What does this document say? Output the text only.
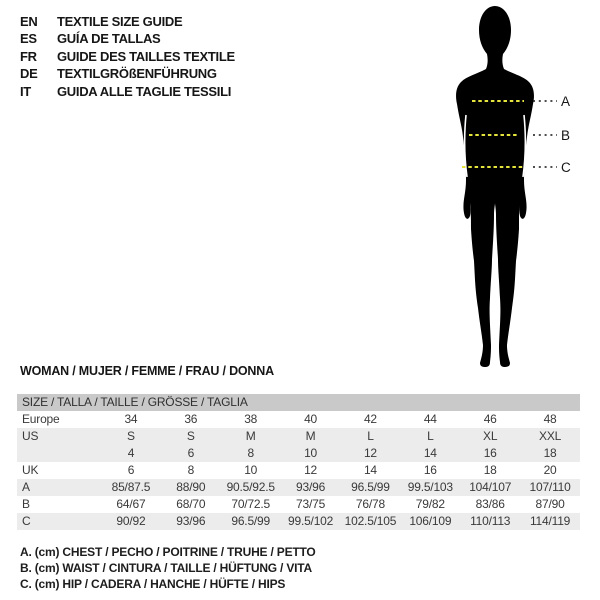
EN	TEXTILE SIZE GUIDE
ES	GUÍA DE TALLAS
FR	GUIDE DES TAILLES TEXTILE
DE	TEXTILGRÖßENFÜHRUNG
IT	GUIDA ALLE TAGLIE TESSILI
A
B
C
WOMAN / MUJER / FEMME / FRAU / DONNA
SIZE / TALLA / TAILLE / GRÖSSE / TAGLIA
Europe	34	36	38	40	42	44	46	48
US	S	S	M	M	L	L	XL	XXL
4	6	8	10	12	14	16	18
UK	6	8	10	12	14	16	18	20
A	85/87.5	88/90	90.5/92.5	93/96	96.5/99	99.5/103	104/107	107/110
B	64/67	68/70	70/72.5	73/75	76/78	79/82	83/86	87/90
C	90/92	93/96	96.5/99	99.5/102 102.5/105	106/109	110/113	114/119
A. (cm) CHEST / PECHO / POITRINE / TRUHE / PETTO
B. (cm) WAIST / CINTURA / TAILLE / HÜFTUNG / VITA
C. (cm) HIP / CADERA / HANCHE / HÜFTE / HIPS
